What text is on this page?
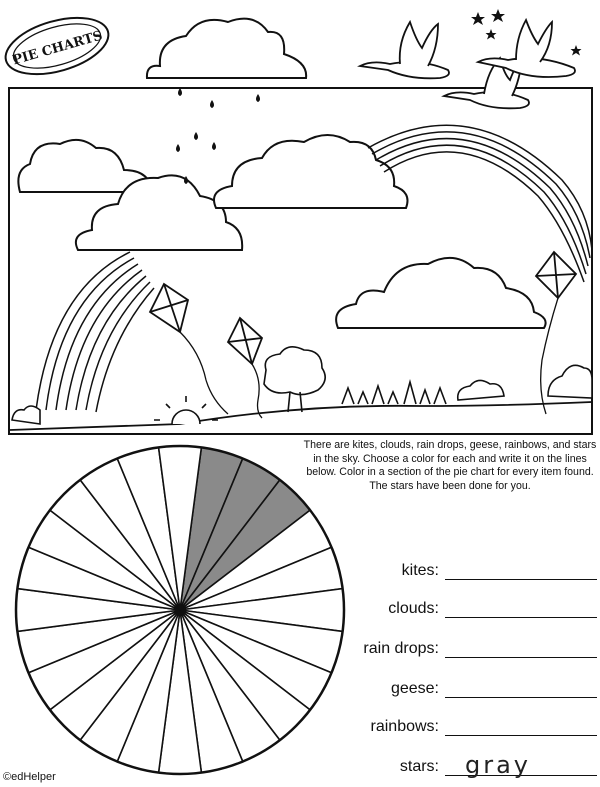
PIE CHARTS
There are kites, clouds, rain drops, geese, rainbows, and stars in the sky. Choose a color for each and write it on the lines below. Color in a section of the pie chart for every item found. The stars have been done for you.
kites:
clouds:
rain drops:
geese:
rainbows:
stars: gray
©edHelper
